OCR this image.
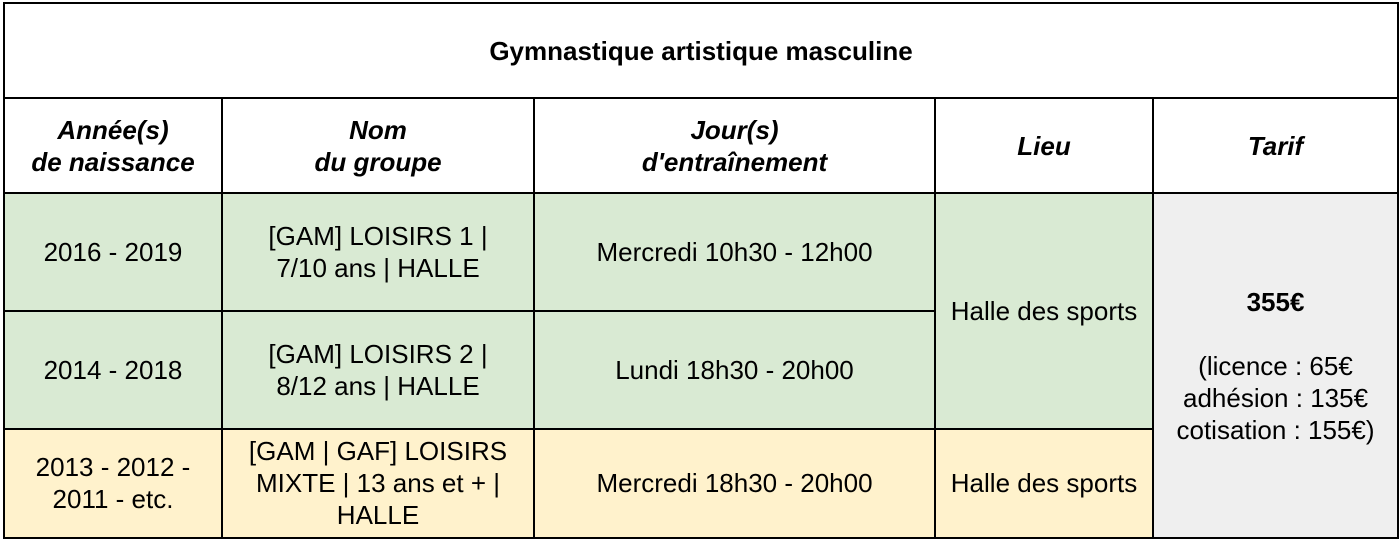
Gymnastique artistique masculine				

Année(s)
de naissance	Nom
du groupe	Jour(s)
d'entraînement	Lieu	Tarif

2016 - 2019	[GAM] LOISIRS 1 |
7/10 ans | HALLE	Mercredi 10h30 - 12h00	Halle des sports	355€
(licence : 65€
adhésion : 135€
cotisation : 155€)

2014 - 2018	[GAM] LOISIRS 2 |
8/12 ans | HALLE	Lundi 18h30 - 20h00		

2013 - 2012 -
2011 - etc.	[GAM | GAF] LOISIRS
MIXTE | 13 ans et + |
HALLE	Mercredi 18h30 - 20h00	Halle des sports	
